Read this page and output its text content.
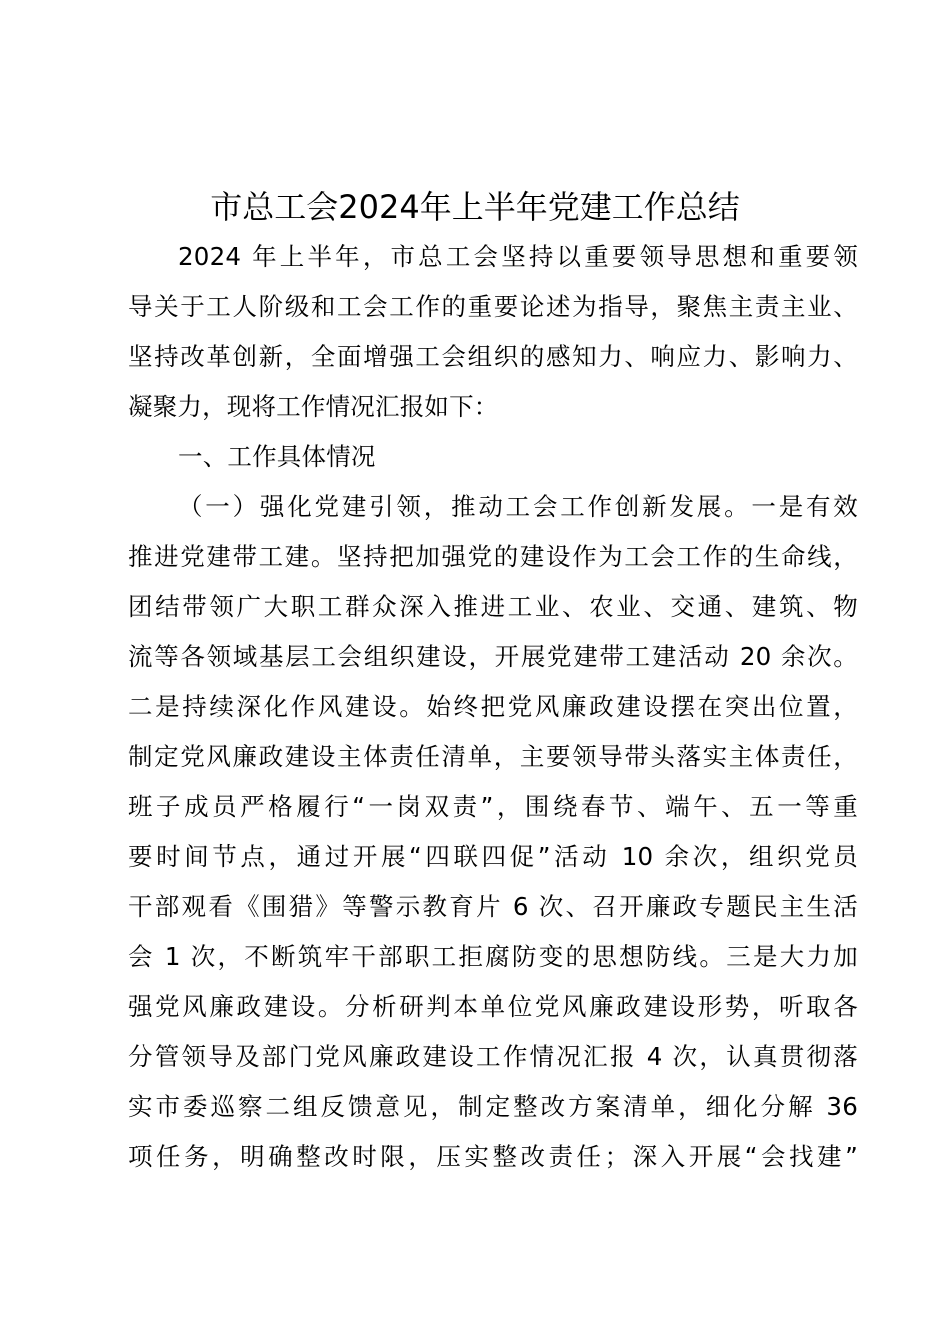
市总工会2024年上半年党建工作总结
2024 年上半年，市总工会坚持以重要领导思想和重要领
导关于工人阶级和工会工作的重要论述为指导，聚焦主责主业、
坚持改革创新，全面增强工会组织的感知力、响应力、影响力、
凝聚力，现将工作情况汇报如下：
一、工作具体情况
（一）强化党建引领，推动工会工作创新发展。一是有效
推进党建带工建。坚持把加强党的建设作为工会工作的生命线，
团结带领广大职工群众深入推进工业、农业、交通、建筑、物
流等各领域基层工会组织建设，开展党建带工建活动 20 余次。
二是持续深化作风建设。始终把党风廉政建设摆在突出位置，
制定党风廉政建设主体责任清单，主要领导带头落实主体责任，
班子成员严格履行“一岗双责”，围绕春节、端午、五一等重
要时间节点，通过开展“四联四促”活动 10 余次，组织党员
干部观看《围猎》等警示教育片 6 次、召开廉政专题民主生活
会 1 次，不断筑牢干部职工拒腐防变的思想防线。三是大力加
强党风廉政建设。分析研判本单位党风廉政建设形势，听取各
分管领导及部门党风廉政建设工作情况汇报 4 次，认真贯彻落
实市委巡察二组反馈意见，制定整改方案清单，细化分解 36
项任务，明确整改时限，压实整改责任；深入开展“会找建”
